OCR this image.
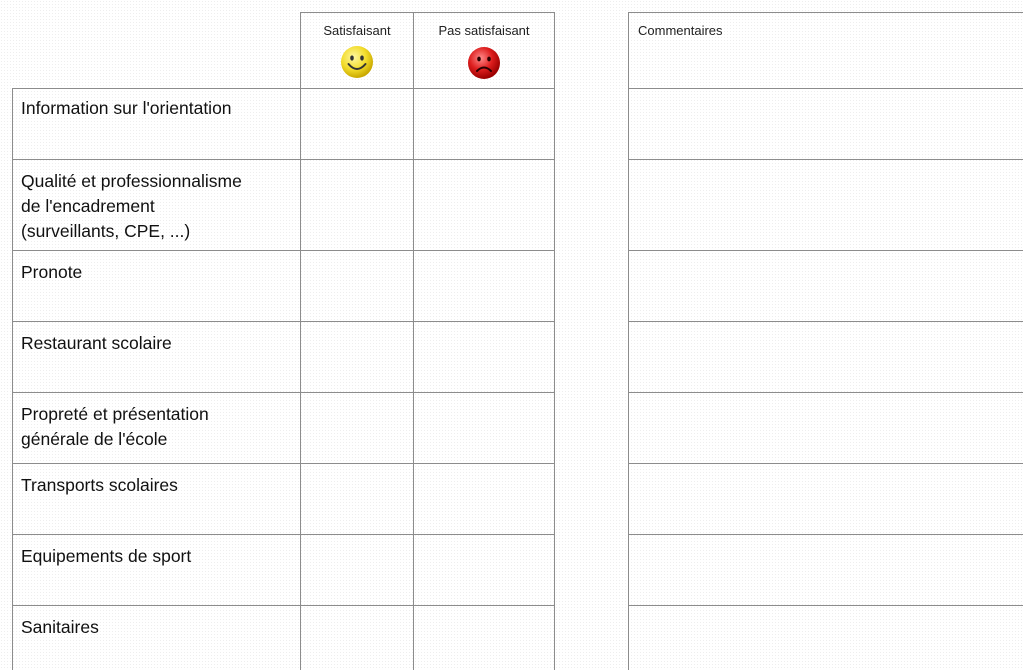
Satisfaisant	Pas satisfaisant	Commentaires
Information sur l'orientation
Qualité et professionnalisme
de l'encadrement
(surveillants, CPE, ...)
Pronote
Restaurant scolaire
Propreté et présentation
générale de l'école
Transports scolaires
Equipements de sport
Sanitaires
